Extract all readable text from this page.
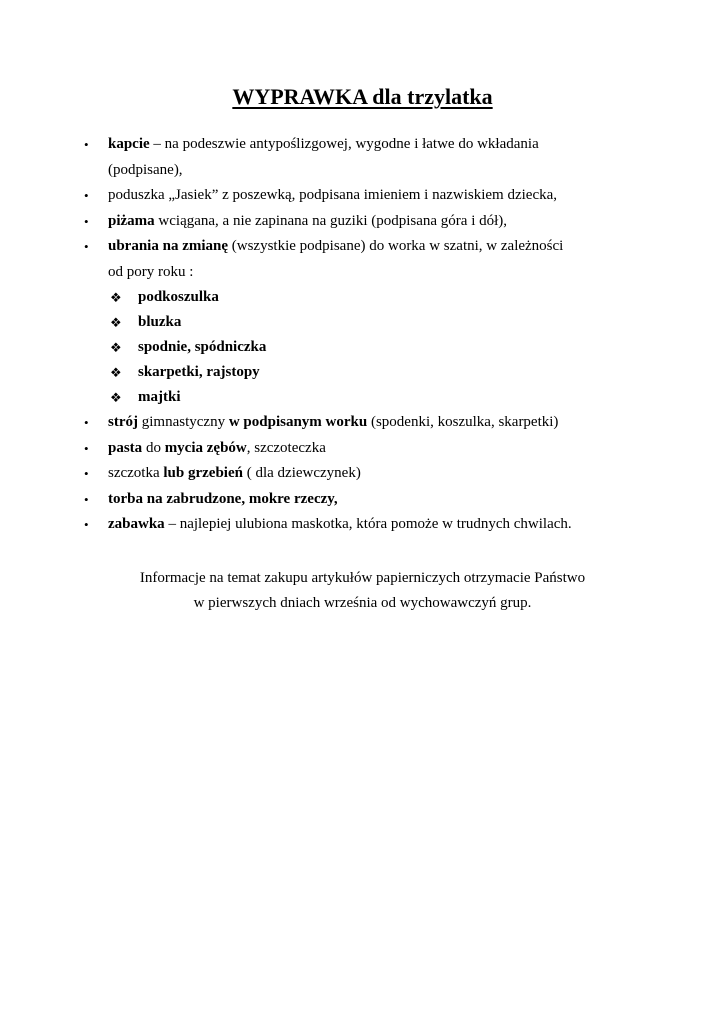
WYPRAWKA dla trzylatka
• kapcie – na podeszwie antypoślizgowej, wygodne i łatwe do wkładania
(podpisane),
• poduszka „Jasiek” z poszewką, podpisana imieniem i nazwiskiem dziecka,
• piżama wciągana, a nie zapinana na guziki (podpisana góra i dół),
• ubrania na zmianę (wszystkie podpisane) do worka w szatni, w zależności
od pory roku :
❖ podkoszulka
❖ bluzka
❖ spodnie, spódniczka
❖ skarpetki, rajstopy
❖ majtki
• strój gimnastyczny w podpisanym worku (spodenki, koszulka, skarpetki)
• pasta do mycia zębów, szczoteczka
• szczotka lub grzebień ( dla dziewczynek)
• torba na zabrudzone, mokre rzeczy,
• zabawka – najlepiej ulubiona maskotka, która pomoże w trudnych chwilach.
Informacje na temat zakupu artykułów papierniczych otrzymacie Państwo
w pierwszych dniach września od wychowawczyń grup.
